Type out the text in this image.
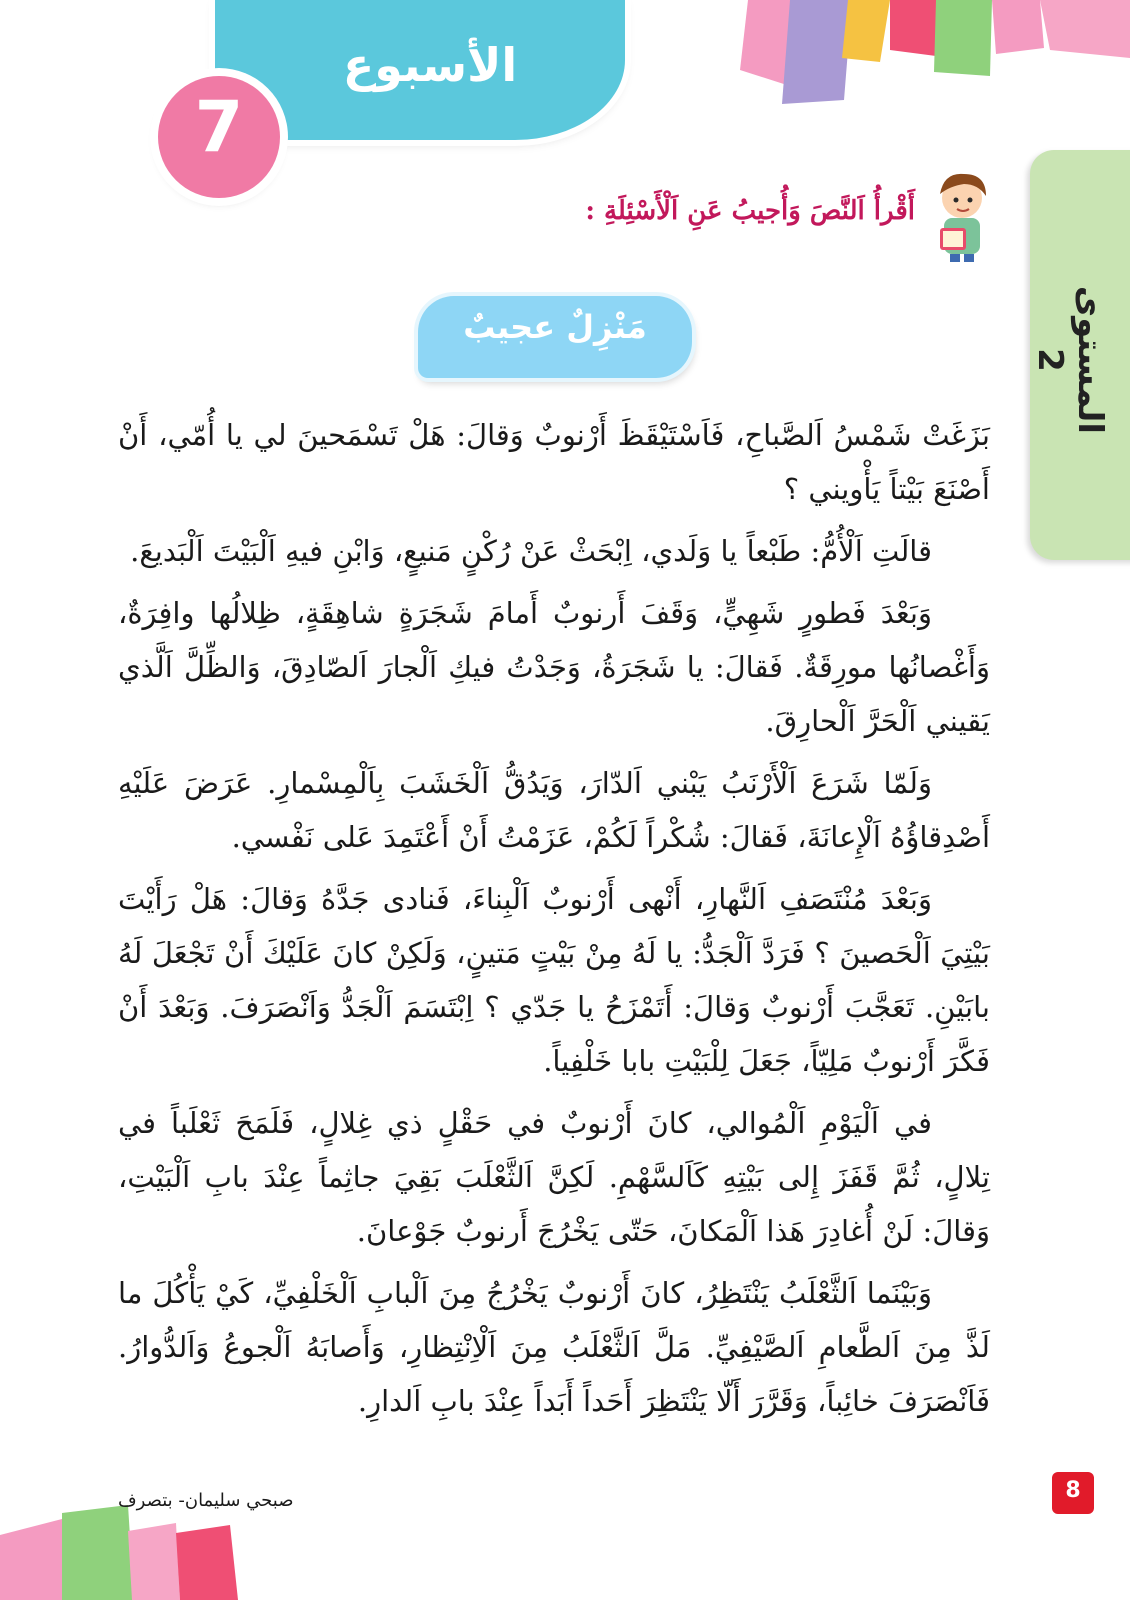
الأسبوع
7
المستوى 2
أَقْرأُ اَلنَّصَ وَأُجيبُ عَنِ اَلْأَسْئِلَةِ :
مَنْزِلٌ عجيبٌ

بَزَغَتْ شَمْسُ اَلصَّباحِ، فَاَسْتَيْقَظَ أَرْنوبٌ وَقالَ: هَلْ تَسْمَحينَ لي يا أُمّي، أَنْ أَصْنَعَ بَيْتاً يَأْويني ؟

قالَتِ اَلْأُمُّ: طَبْعاً يا وَلَدي، اِبْحَثْ عَنْ رُكْنٍ مَنيعٍ، وَابْنِ فيهِ اَلْبَيْتَ اَلْبَديعَ.

وَبَعْدَ فَطورٍ شَهِيٍّ، وَقَفَ أَرنوبٌ أَمامَ شَجَرَةٍ شاهِقَةٍ، ظِلالُها وافِرَةٌ، وَأَغْصانُها مورِقَةٌ. فَقالَ: يا شَجَرَةُ، وَجَدْتُ فيكِ اَلْجارَ اَلصّادِقَ، وَالظِّلَّ اَلَّذي يَقيني اَلْحَرَّ اَلْحارِقَ.

وَلَمّا شَرَعَ اَلْأَرْنَبُ يَبْني اَلدّارَ، وَيَدُقُّ اَلْخَشَبَ بِاَلْمِسْمارِ. عَرَضَ عَلَيْهِ أَصْدِقاؤُهُ اَلْإِعانَةَ، فَقالَ: شُكْراً لَكُمْ، عَزَمْتُ أَنْ أَعْتَمِدَ عَلى نَفْسي.

وَبَعْدَ مُنْتَصَفِ اَلنَّهارِ، أَنْهى أَرْنوبٌ اَلْبِناءَ، فَنادى جَدَّهُ وَقالَ: هَلْ رَأَيْتَ بَيْتِيَ اَلْحَصينَ ؟ فَرَدَّ اَلْجَدُّ: يا لَهُ مِنْ بَيْتٍ مَتينٍ، وَلَكِنْ كانَ عَلَيْكَ أَنْ تَجْعَلَ لَهُ بابَيْنِ. تَعَجَّبَ أَرْنوبٌ وَقالَ: أَتَمْزَحُ يا جَدّي ؟ اِبْتَسَمَ اَلْجَدُّ وَاَنْصَرَفَ. وَبَعْدَ أَنْ فَكَّرَ أَرْنوبٌ مَلِيّاً، جَعَلَ لِلْبَيْتِ بابا خَلْفِياً.

في اَلْيَوْمِ اَلْمُوالي، كانَ أَرْنوبٌ في حَقْلٍ ذي غِلالٍ، فَلَمَحَ ثَعْلَباً في تِلالٍ، ثُمَّ قَفَزَ إِلى بَيْتِهِ كَاَلسَّهْمِ. لَكِنَّ اَلثَّعْلَبَ بَقِيَ جاثِماً عِنْدَ بابِ اَلْبَيْتِ، وَقالَ: لَنْ أُغادِرَ هَذا اَلْمَكانَ، حَتّى يَخْرُجَ أَرنوبٌ جَوْعانَ.

وَبَيْنَما اَلثَّعْلَبُ يَنْتَظِرُ، كانَ أَرْنوبٌ يَخْرُجُ مِنَ اَلْبابِ اَلْخَلْفِيِّ، كَيْ يَأْكُلَ ما لَذَّ مِنَ اَلطَّعامِ اَلصَّيْفِيِّ. مَلَّ اَلثَّعْلَبُ مِنَ اَلْاِنْتِظارِ، وَأَصابَهُ اَلْجوعُ وَاَلدُّوارُ. فَاَنْصَرَفَ خائِباً، وَقَرَّرَ أَلّا يَنْتَظِرَ أَحَداً أَبَداً عِنْدَ بابِ اَلدارِ.

صبحي سليمان- بتصرف	8
